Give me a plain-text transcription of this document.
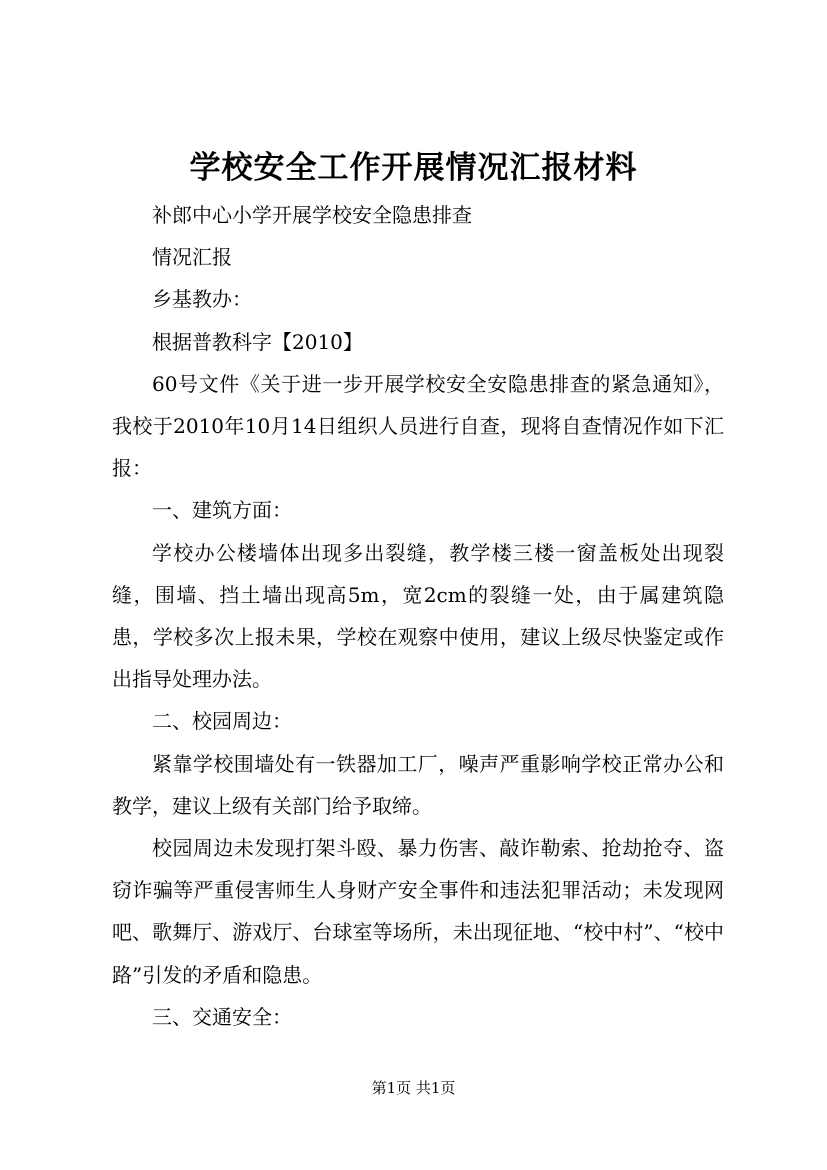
学校安全工作开展情况汇报材料

补郎中心小学开展学校安全隐患排查

情况汇报

乡基教办：

根据普教科字【2010】

60号文件《关于进一步开展学校安全安隐患排查的紧急通知》，我校于2010年10月14日组织人员进行自查，现将自查情况作如下汇报：

一、建筑方面：

学校办公楼墙体出现多出裂缝，教学楼三楼一窗盖板处出现裂缝，围墙、挡土墙出现高5m，宽2cm的裂缝一处，由于属建筑隐患，学校多次上报未果，学校在观察中使用，建议上级尽快鉴定或作出指导处理办法。

二、校园周边：

紧靠学校围墙处有一铁器加工厂，噪声严重影响学校正常办公和教学，建议上级有关部门给予取缔。

校园周边未发现打架斗殴、暴力伤害、敲诈勒索、抢劫抢夺、盗窃诈骗等严重侵害师生人身财产安全事件和违法犯罪活动；未发现网吧、歌舞厅、游戏厅、台球室等场所，未出现征地、“校中村”、“校中路”引发的矛盾和隐患。

三、交通安全：

第1页 共1页
